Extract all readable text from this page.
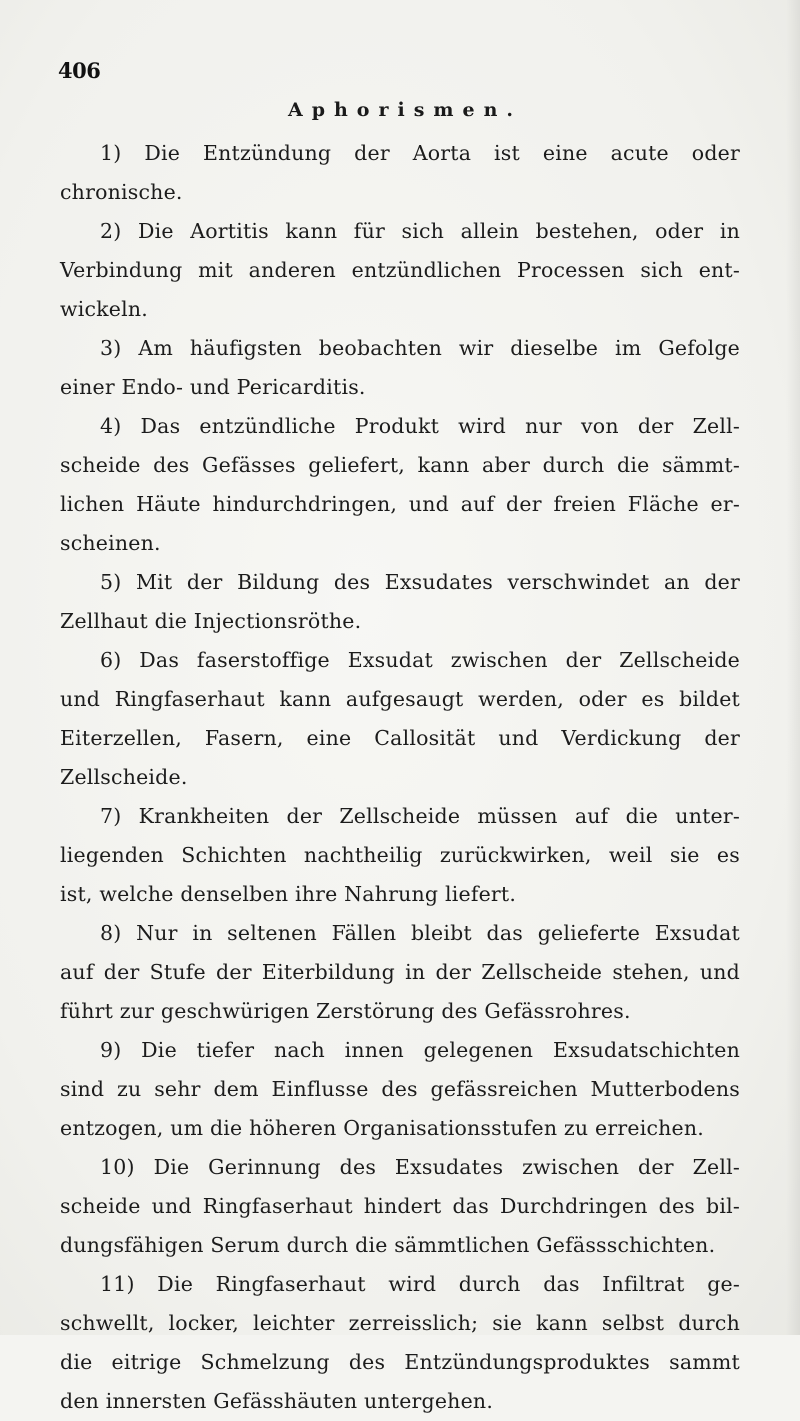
406
Aphorismen.
1) Die Entzündung der Aorta ist eine acute oder
chronische.
2) Die Aortitis kann für sich allein bestehen, oder in
Verbindung mit anderen entzündlichen Processen sich ent-
wickeln.
3) Am häufigsten beobachten wir dieselbe im Gefolge
einer Endo- und Pericarditis.
4) Das entzündliche Produkt wird nur von der Zell-
scheide des Gefässes geliefert, kann aber durch die sämmt-
lichen Häute hindurchdringen, und auf der freien Fläche er-
scheinen.
5) Mit der Bildung des Exsudates verschwindet an der
Zellhaut die Injectionsröthe.
6) Das faserstoffige Exsudat zwischen der Zellscheide
und Ringfaserhaut kann aufgesaugt werden, oder es bildet
Eiterzellen, Fasern, eine Callosität und Verdickung der
Zellscheide.
7) Krankheiten der Zellscheide müssen auf die unter-
liegenden Schichten nachtheilig zurückwirken, weil sie es
ist, welche denselben ihre Nahrung liefert.
8) Nur in seltenen Fällen bleibt das gelieferte Exsudat
auf der Stufe der Eiterbildung in der Zellscheide stehen, und
führt zur geschwürigen Zerstörung des Gefässrohres.
9) Die tiefer nach innen gelegenen Exsudatschichten
sind zu sehr dem Einflusse des gefässreichen Mutterbodens
entzogen, um die höheren Organisationsstufen zu erreichen.
10) Die Gerinnung des Exsudates zwischen der Zell-
scheide und Ringfaserhaut hindert das Durchdringen des bil-
dungsfähigen Serum durch die sämmtlichen Gefässschichten.
11) Die Ringfaserhaut wird durch das Infiltrat ge-
schwellt, locker, leichter zerreisslich; sie kann selbst durch
die eitrige Schmelzung des Entzündungsproduktes sammt
den innersten Gefässhäuten untergehen.
